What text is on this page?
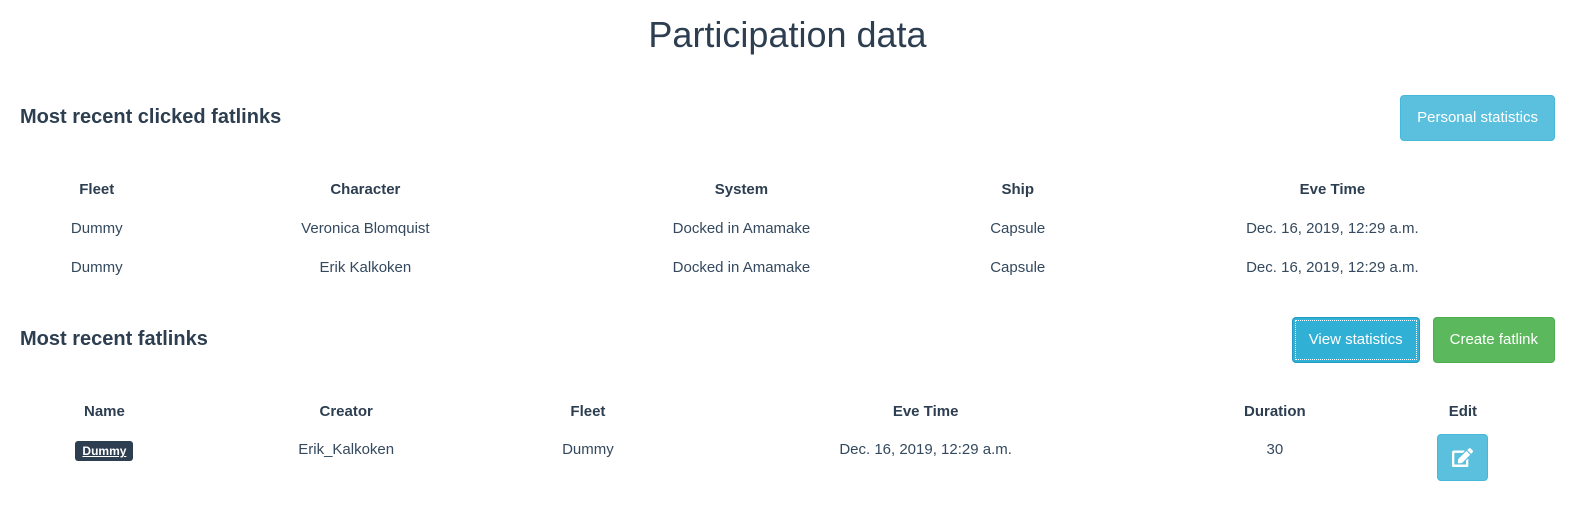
Participation data
Most recent clicked fatlinks	Personal statistics
Fleet	Character	System	Ship	Eve Time
Dummy	Veronica Blomquist	Docked in Amamake	Capsule	Dec. 16, 2019, 12:29 a.m.
Dummy	Erik Kalkoken	Docked in Amamake	Capsule	Dec. 16, 2019, 12:29 a.m.
Most recent fatlinks	View statistics	Create fatlink
Name	Creator	Fleet	Eve Time	Duration	Edit
Dummy	Erik_Kalkoken	Dummy	Dec. 16, 2019, 12:29 a.m.	30	
